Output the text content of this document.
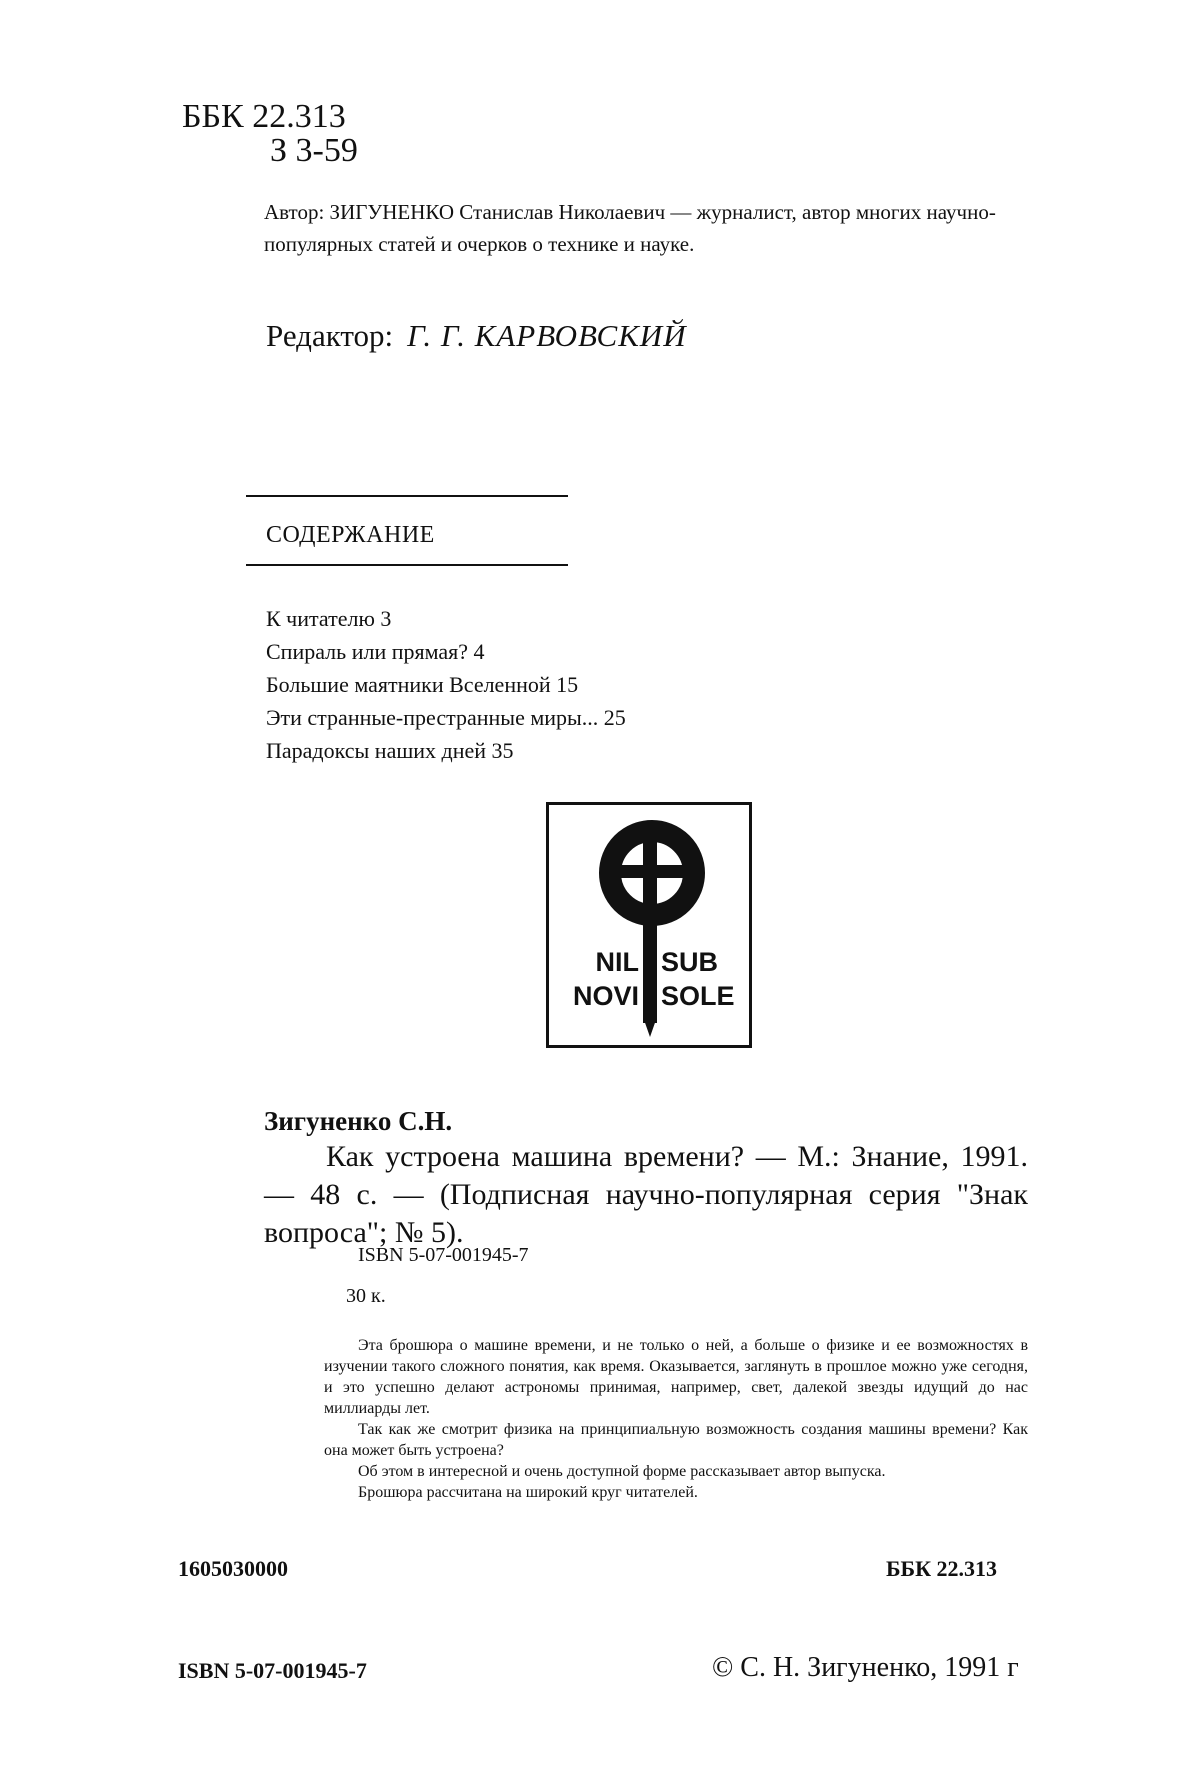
ББК 22.313
З 3-59
Автор: ЗИГУНЕНКО Станислав Николаевич — журналист, автор многих научно-популярных статей и очерков о технике и науке.
Редактор: Г. Г. КАРВОВСКИЙ
СОДЕРЖАНИЕ
К читателю 3
Спираль или прямая? 4
Большие маятники Вселенной 15
Эти странные-престранные миры... 25
Парадоксы наших дней 35
NIL SUB
NOVI SOLE
Зигуненко С.Н.

Как устроена машина времени? — М.: Знание, 1991. — 48 с. — (Подписная научно-популярная серия "Знак вопроса"; № 5).

ISBN 5-07-001945-7
30 к.

Эта брошюра о машине времени, и не только о ней, а больше о физике и ее возможностях в изучении такого сложного понятия, как время. Оказывается, заглянуть в прошлое можно уже сегодня, и это успешно делают астрономы принимая, например, свет, далекой звезды идущий до нас миллиарды лет.

Так как же смотрит физика на принципиальную возможность создания машины времени? Как она может быть устроена?

Об этом в интересной и очень доступной форме рассказывает автор выпуска.

Брошюра рассчитана на широкий круг читателей.

1605030000	ББК 22.313
ISBN 5-07-001945-7	© С. Н. Зигуненко, 1991 г
